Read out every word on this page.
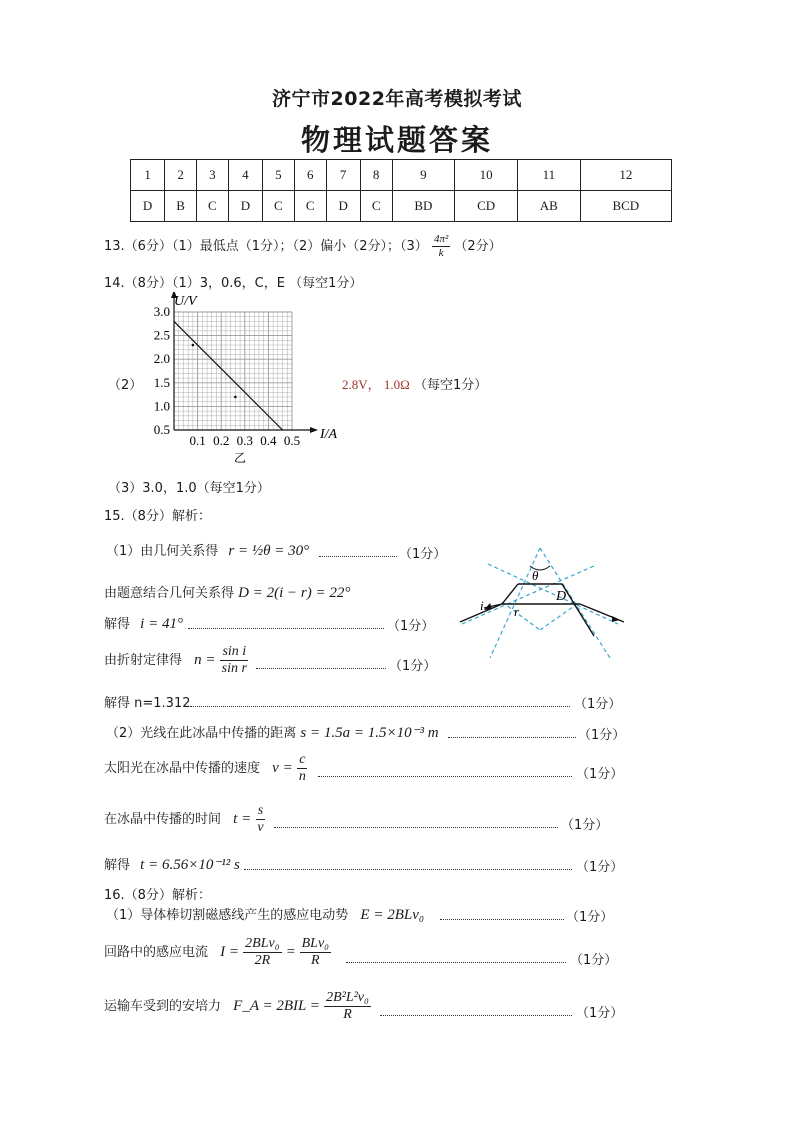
济宁市2022年高考模拟考试
物理试题答案
1	2	3	4	5	6	7	8	9	10	11	12
D	B	C	D	C	C	D	C	BD	CD	AB	BCD
13.（6分）（1）最低点（1分）；（2）偏小（2分）；$(3) \frac{\text{4π²}}{k} (2$分）
14.（8分）（1）3，0.6，C，E （每空1分）
（2）
0.1 0.2 0.3 0.4 0.5
3.0
2.5
2.0
1.5
1.0
0.5
U/V
I/A
乙
2.8V， 1.0Ω （每空1分）
（3）3.0，1.0（每空1分）
15.（8分）解析：
（1）由几何关系得 r = ½θ = 30°	（1分）
由题意结合几何关系得 D = 2(i − r) = 22°
解得 i = 41°	（1分）
由折射定律得 $n = \frac{\text{sin i}}{\text{sin r}}$	（1分）
解得 n=1.312	（1分）
（2）光线在此冰晶中传播的距离 s = 1.5a = 1.5×10⁻³ m	（1分）
太阳光在冰晶中传播的速度 $v = \frac{c}{n}$	（1分）
在冰晶中传播的时间 $t = \frac{s}{v}$	（1分）
解得 t = 6.56×10⁻¹² s	（1分）
θ
D
i r
16.（8分）解析：
（1）导体棒切割磁感线产生的感应电动势 E = 2BLv₀	（1分）
回路中的感应电流 $I = \frac{\text{2BLv₀}}{2R} = \frac{\text{BLv₀}}{R}$	（1分）
运输车受到的安培力 F_A = $2BIL = \frac{\text{2B²L²v₀}}{R}$	（1分）
